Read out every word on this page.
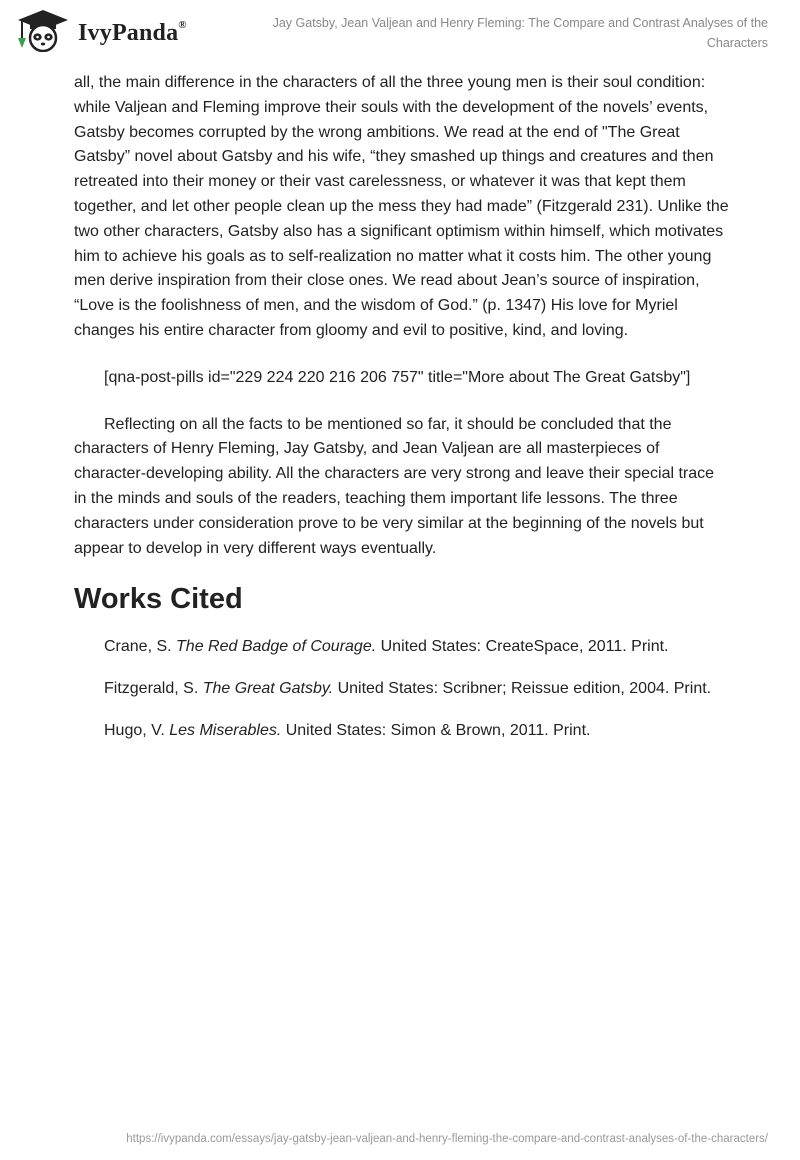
IvyPanda®	Jay Gatsby, Jean Valjean and Henry Fleming: The Compare and Contrast Analyses of the Characters

all, the main difference in the characters of all the three young men is their soul condition: while Valjean and Fleming improve their souls with the development of the novels’ events, Gatsby becomes corrupted by the wrong ambitions. We read at the end of "The Great Gatsby” novel about Gatsby and his wife, “they smashed up things and creatures and then retreated into their money or their vast carelessness, or whatever it was that kept them together, and let other people clean up the mess they had made” (Fitzgerald 231). Unlike the two other characters, Gatsby also has a significant optimism within himself, which motivates him to achieve his goals as to self-realization no matter what it costs him. The other young men derive inspiration from their close ones. We read about Jean’s source of inspiration, “Love is the foolishness of men, and the wisdom of God.” (p. 1347) His love for Myriel changes his entire character from gloomy and evil to positive, kind, and loving.

[qna-post-pills id="229 224 220 216 206 757" title="More about The Great Gatsby"]

Reflecting on all the facts to be mentioned so far, it should be concluded that the characters of Henry Fleming, Jay Gatsby, and Jean Valjean are all masterpieces of character-developing ability. All the characters are very strong and leave their special trace in the minds and souls of the readers, teaching them important life lessons. The three characters under consideration prove to be very similar at the beginning of the novels but appear to develop in very different ways eventually.

Works Cited

Crane, S. The Red Badge of Courage. United States: CreateSpace, 2011. Print.

Fitzgerald, S. The Great Gatsby. United States: Scribner; Reissue edition, 2004. Print.

Hugo, V. Les Miserables. United States: Simon & Brown, 2011. Print.

https://ivypanda.com/essays/jay-gatsby-jean-valjean-and-henry-fleming-the-compare-and-contrast-analyses-of-the-characters/
